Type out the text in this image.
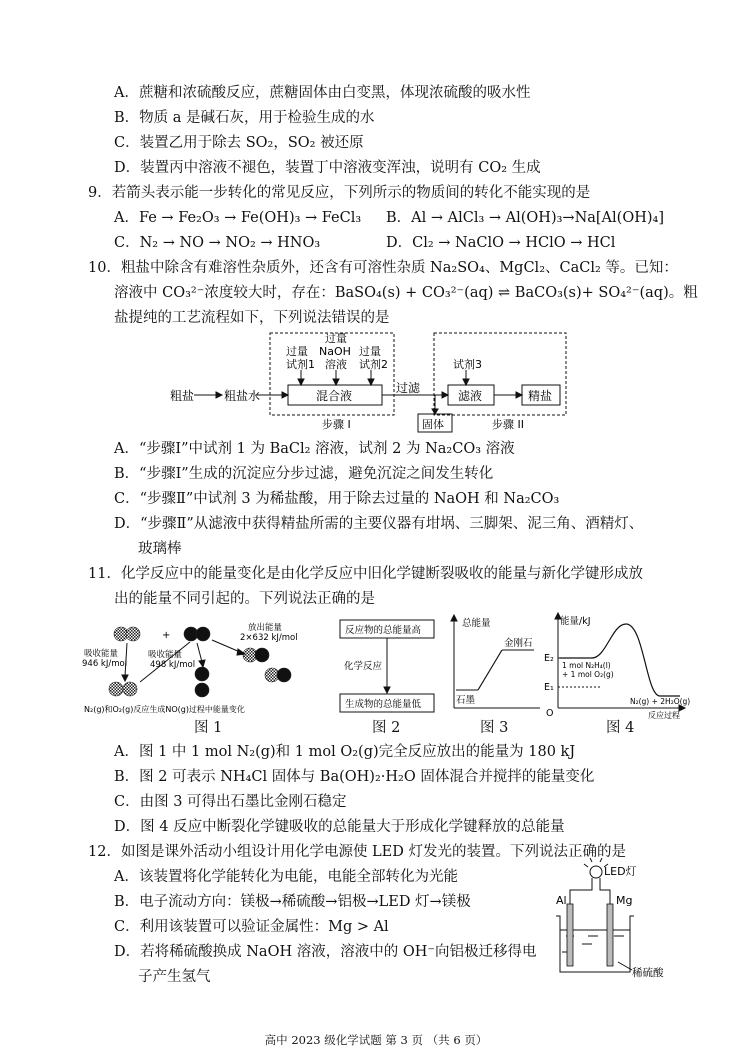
A．蔗糖和浓硫酸反应，蔗糖固体由白变黑，体现浓硫酸的吸水性
B．物质 a 是碱石灰，用于检验生成的水
C．装置乙用于除去 SO₂，SO₂ 被还原
D．装置丙中溶液不褪色，装置丁中溶液变浑浊，说明有 CO₂ 生成
9．若箭头表示能一步转化的常见反应，下列所示的物质间的转化不能实现的是
A．Fe → Fe₂O₃ → Fe(OH)₃ → FeCl₃ B．Al → AlCl₃ → Al(OH)₃→Na[Al(OH)₄]
C．N₂ → NO → NO₂ → HNO₃	D．Cl₂ → NaClO → HClO → HCl
10．粗盐中除含有难溶性杂质外，还含有可溶性杂质 Na₂SO₄、MgCl₂、CaCl₂ 等。已知：
溶液中 CO₃²⁻浓度较大时，存在：BaSO₄(s) + CO₃²⁻(aq) ⇌ BaCO₃(s)+ SO₄²⁻(aq)。粗
盐提纯的工艺流程如下，下列说法错误的是
粗盐 粗盐水
过量
试剂1
过量
NaOH
溶液
过量
试剂2
混合液
过滤
固体
试剂3
滤液	精盐
步骤 I	步骤 II
A．“步骤Ⅰ”中试剂 1 为 BaCl₂ 溶液，试剂 2 为 Na₂CO₃ 溶液
B．“步骤Ⅰ”生成的沉淀应分步过滤，避免沉淀之间发生转化
C．“步骤Ⅱ”中试剂 3 为稀盐酸，用于除去过量的 NaOH 和 Na₂CO₃
D．“步骤Ⅱ”从滤液中获得精盐所需的主要仪器有坩埚、三脚架、泥三角、酒精灯、
玻璃棒
11．化学反应中的能量变化是由化学反应中旧化学键断裂吸收的能量与新化学键形成放
出的能量不同引起的。下列说法正确的是
+
吸收能量
946 kJ/mol
吸收能量
498 kJ/mol
放出能量
2×632 kJ/mol
N₂(g)和O₂(g)反应生成NO(g)过程中能量变化
反应物的总能量高
化学反应
生成物的总能量低
总能量
金刚石
石墨
能量/kJ
E₂
E₁
O
1 mol N₂H₄(l)
+ 1 mol O₂(g)
N₂(g) + 2H₂O(g)
反应过程
图 1	图 2	图 3	图 4
A．图 1 中 1 mol N₂(g)和 1 mol O₂(g)完全反应放出的能量为 180 kJ
B．图 2 可表示 NH₄Cl 固体与 Ba(OH)₂·H₂O 固体混合并搅拌的能量变化
C．由图 3 可得出石墨比金刚石稳定
D．图 4 反应中断裂化学键吸收的总能量大于形成化学键释放的总能量
12．如图是课外活动小组设计用化学电源使 LED 灯发光的装置。下列说法正确的是
A．该装置将化学能转化为电能，电能全部转化为光能
B．电子流动方向：镁极→稀硫酸→铝极→LED 灯→镁极
C．利用该装置可以验证金属性：Mg > Al
D．若将稀硫酸换成 NaOH 溶液，溶液中的 OH⁻向铝极迁移得电
子产生氢气
LED灯
Al	Mg
稀硫酸
高中 2023 级化学试题 第 3 页 （共 6 页）
